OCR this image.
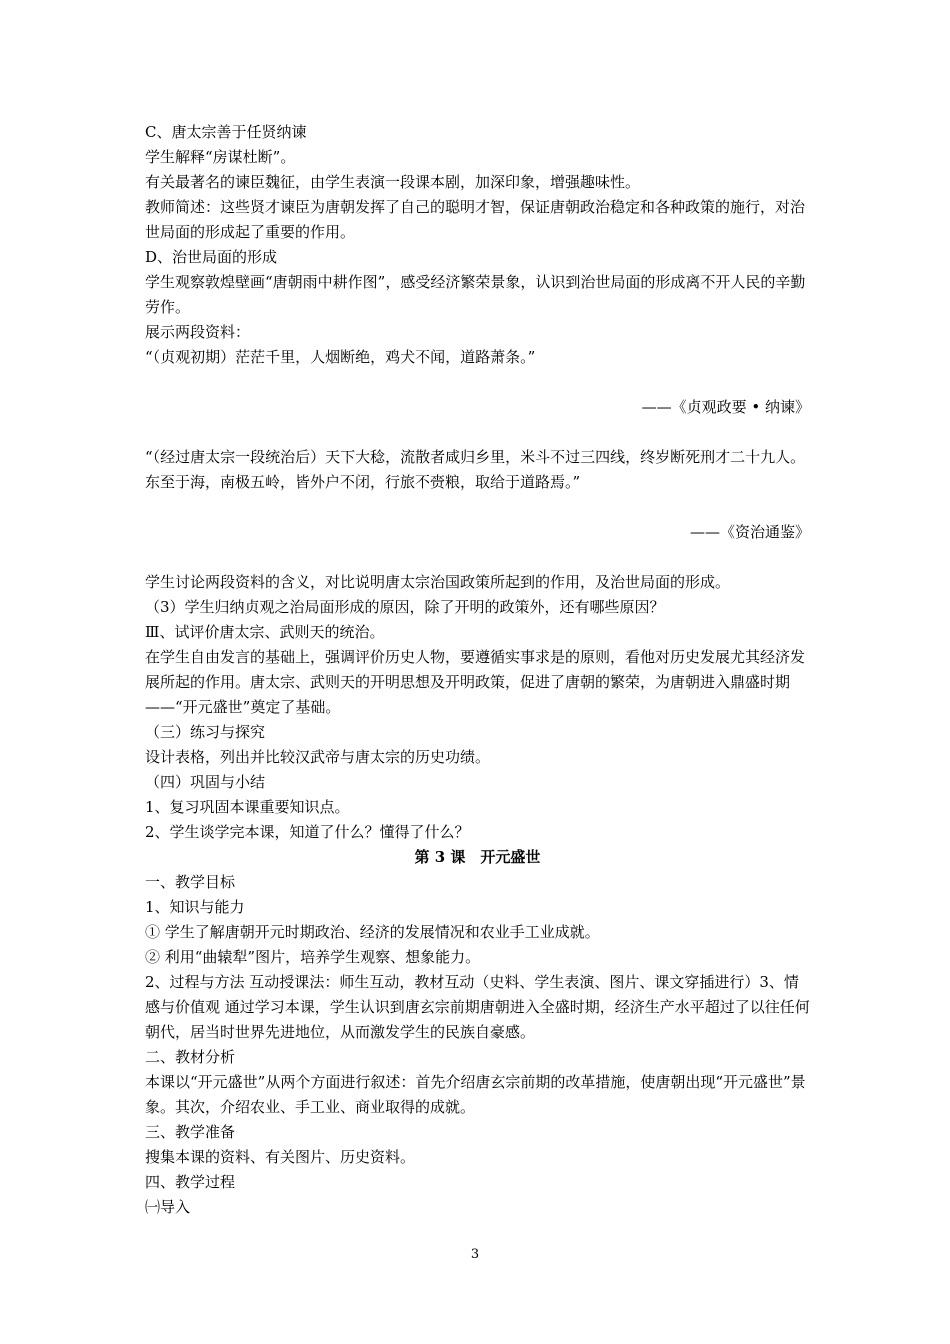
C、唐太宗善于任贤纳谏

学生解释“房谋杜断”。

有关最著名的谏臣魏征，由学生表演一段课本剧，加深印象，增强趣味性。

教师简述：这些贤才谏臣为唐朝发挥了自己的聪明才智，保证唐朝政治稳定和各种政策的施行，对治世局面的形成起了重要的作用。

D、治世局面的形成

学生观察敦煌壁画“唐朝雨中耕作图”，感受经济繁荣景象，认识到治世局面的形成离不开人民的辛勤劳作。

展示两段资料：

“（贞观初期）茫茫千里，人烟断绝，鸡犬不闻，道路萧条。”

——《贞观政要 • 纳谏》

“（经过唐太宗一段统治后）天下大稔，流散者咸归乡里，米斗不过三四线，终岁断死刑才二十九人。东至于海，南极五岭，皆外户不闭，行旅不赍粮，取给于道路焉。”

——《资治通鉴》

学生讨论两段资料的含义，对比说明唐太宗治国政策所起到的作用，及治世局面的形成。

（3）学生归纳贞观之治局面形成的原因，除了开明的政策外，还有哪些原因？

Ⅲ、试评价唐太宗、武则天的统治。

在学生自由发言的基础上，强调评价历史人物，要遵循实事求是的原则，看他对历史发展尤其经济发展所起的作用。唐太宗、武则天的开明思想及开明政策，促进了唐朝的繁荣，为唐朝进入鼎盛时期——“开元盛世”奠定了基础。

（三）练习与探究

设计表格，列出并比较汉武帝与唐太宗的历史功绩。

（四）巩固与小结

1、复习巩固本课重要知识点。

2、学生谈学完本课，知道了什么？懂得了什么？

第 3 课　开元盛世

一、教学目标

1、知识与能力

① 学生了解唐朝开元时期政治、经济的发展情况和农业手工业成就。

② 利用“曲辕犁”图片，培养学生观察、想象能力。

2、过程与方法 互动授课法：师生互动，教材互动（史料、学生表演、图片、课文穿插进行）3、情感与价值观 通过学习本课，学生认识到唐玄宗前期唐朝进入全盛时期，经济生产水平超过了以往任何朝代，居当时世界先进地位，从而激发学生的民族自豪感。

二、教材分析

本课以“开元盛世”从两个方面进行叙述：首先介绍唐玄宗前期的改革措施，使唐朝出现“开元盛世”景象。其次，介绍农业、手工业、商业取得的成就。

三、教学准备

搜集本课的资料、有关图片、历史资料。

四、教学过程

㈠导入

3
